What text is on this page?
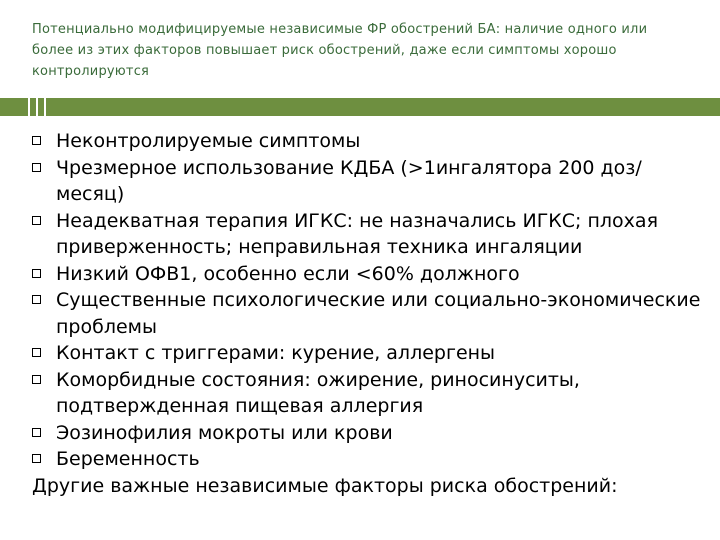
Потенциально модифицируемые независимые ФР обострений БА: наличие одного или более из этих факторов повышает риск обострений, даже если симптомы хорошо контролируются
Неконтролируемые симптомы
Чрезмерное использование КДБА (>1ингалятора 200 доз/месяц)
Неадекватная терапия ИГКС: не назначались ИГКС; плохая приверженность; неправильная техника ингаляции
Низкий ОФВ1, особенно если <60% должного
Существенные психологические или социально-экономические проблемы
Контакт с триггерами: курение, аллергены
Коморбидные состояния: ожирение, риносинуситы, подтвержденная пищевая аллергия
Эозинофилия мокроты или крови
Беременность

Другие важные независимые факторы риска обострений:
